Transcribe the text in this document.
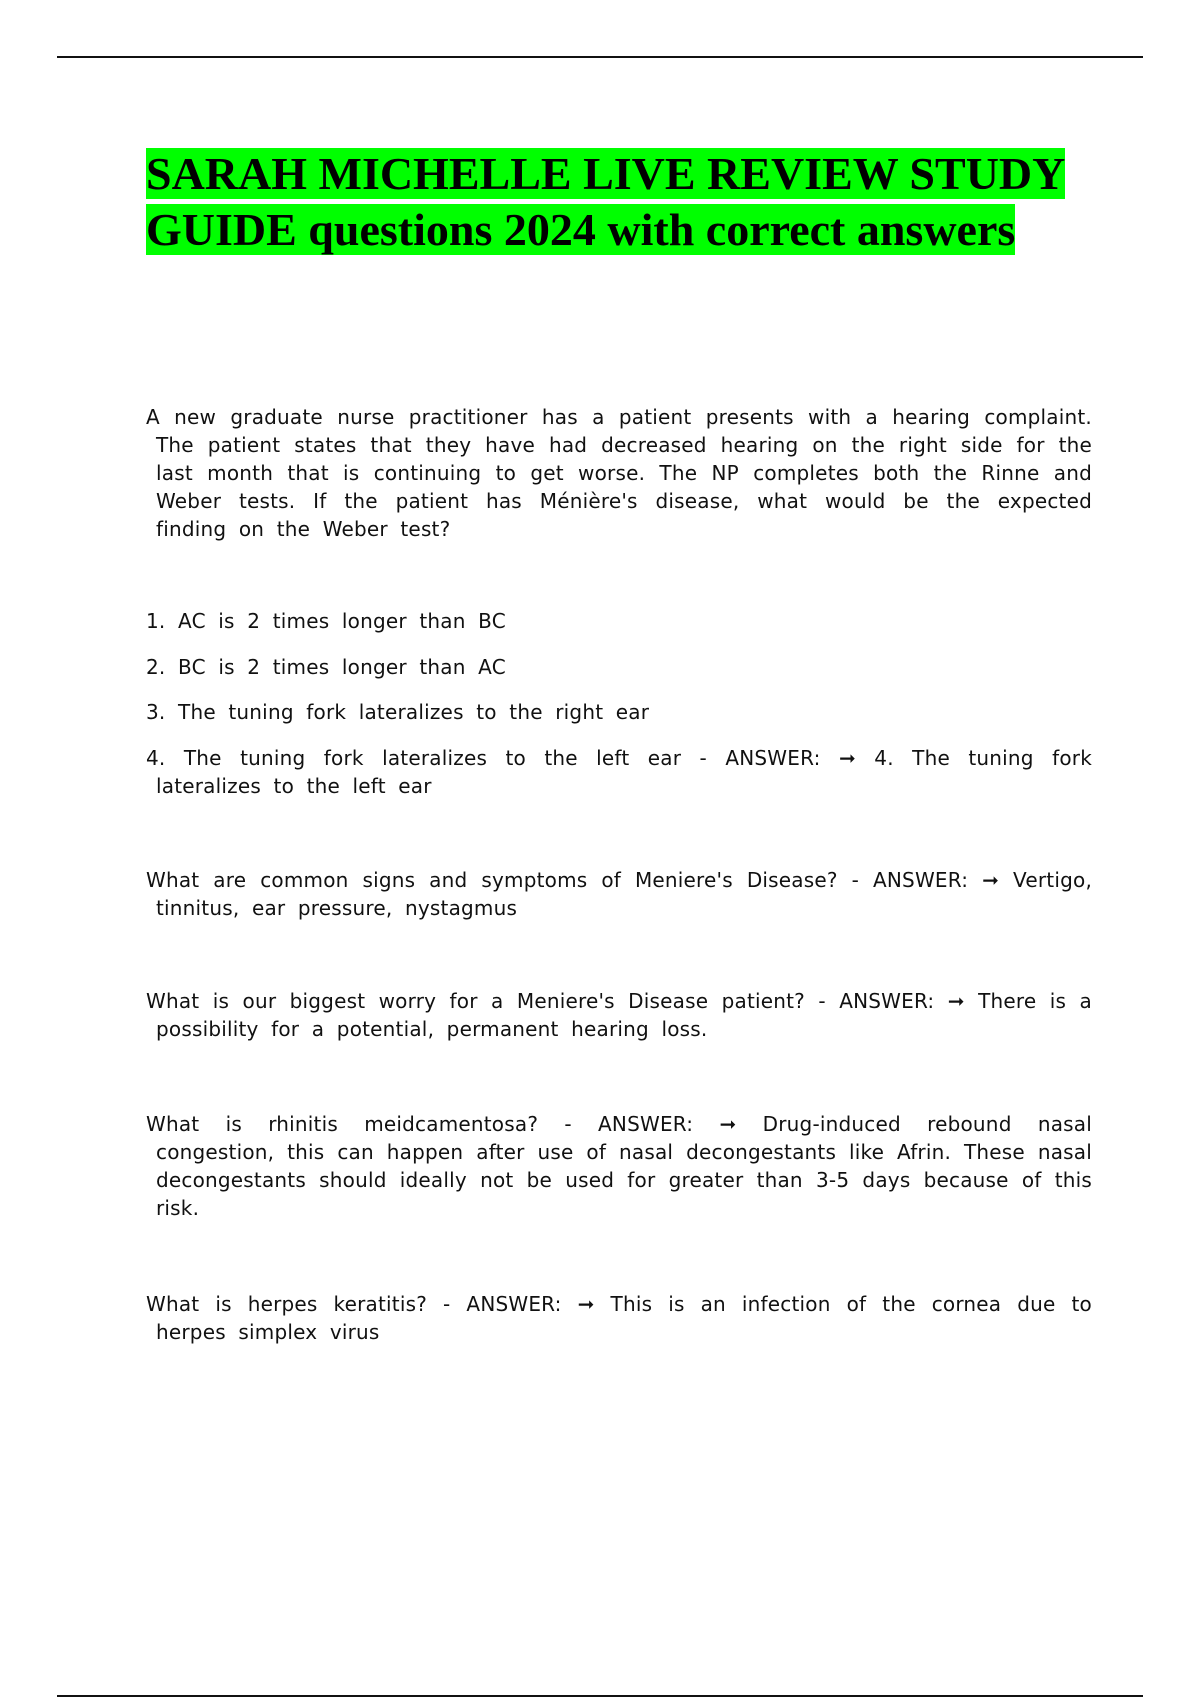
SARAH MICHELLE LIVE REVIEW STUDY GUIDE questions 2024 with correct answers

A new graduate nurse practitioner has a patient presents with a hearing complaint. The patient states that they have had decreased hearing on the right side for the last month that is continuing to get worse. The NP completes both the Rinne and Weber tests. If the patient has Ménière's disease, what would be the expected finding on the Weber test?

1. AC is 2 times longer than BC

2. BC is 2 times longer than AC

3. The tuning fork lateralizes to the right ear

4. The tuning fork lateralizes to the left ear - ANSWER: ➞ 4. The tuning fork lateralizes to the left ear

What are common signs and symptoms of Meniere's Disease? - ANSWER: ➞ Vertigo, tinnitus, ear pressure, nystagmus

What is our biggest worry for a Meniere's Disease patient? - ANSWER: ➞ There is a possibility for a potential, permanent hearing loss.

What is rhinitis meidcamentosa? - ANSWER: ➞ Drug-induced rebound nasal congestion, this can happen after use of nasal decongestants like Afrin. These nasal decongestants should ideally not be used for greater than 3-5 days because of this risk.

What is herpes keratitis? - ANSWER: ➞ This is an infection of the cornea due to herpes simplex virus
